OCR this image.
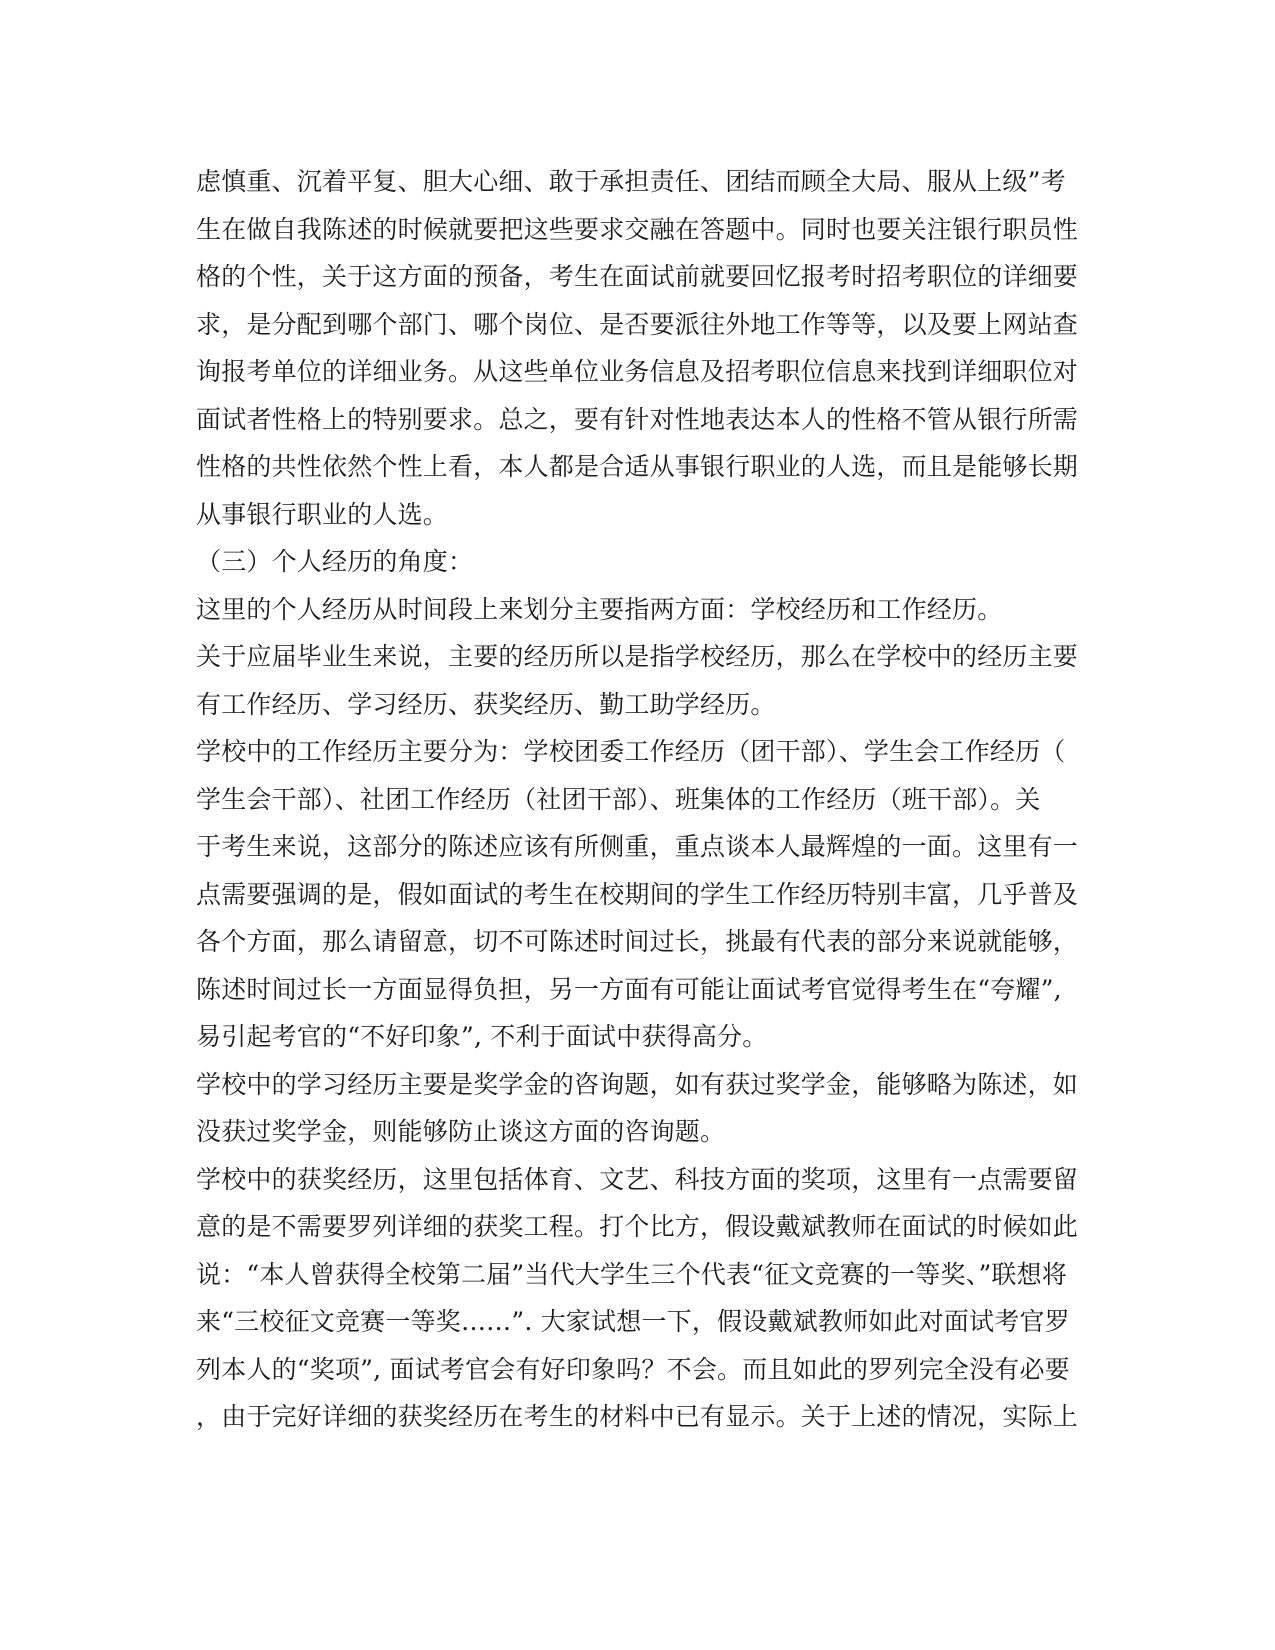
虑慎重、沉着平复、胆大心细、敢于承担责任、团结而顾全大局、服从上级”考
生在做自我陈述的时候就要把这些要求交融在答题中。同时也要关注银行职员性
格的个性，关于这方面的预备，考生在面试前就要回忆报考时招考职位的详细要
求，是分配到哪个部门、哪个岗位、是否要派往外地工作等等，以及要上网站查
询报考单位的详细业务。从这些单位业务信息及招考职位信息来找到详细职位对
面试者性格上的特别要求。总之，要有针对性地表达本人的性格不管从银行所需
性格的共性依然个性上看，本人都是合适从事银行职业的人选，而且是能够长期
从事银行职业的人选。
（三）个人经历的角度：
这里的个人经历从时间段上来划分主要指两方面：学校经历和工作经历。
关于应届毕业生来说，主要的经历所以是指学校经历，那么在学校中的经历主要
有工作经历、学习经历、获奖经历、勤工助学经历。
学校中的工作经历主要分为：学校团委工作经历（团干部）、学生会工作经历（
学生会干部）、社团工作经历（社团干部）、班集体的工作经历（班干部）。关
于考生来说，这部分的陈述应该有所侧重，重点谈本人最辉煌的一面。这里有一
点需要强调的是，假如面试的考生在校期间的学生工作经历特别丰富，几乎普及
各个方面，那么请留意，切不可陈述时间过长，挑最有代表的部分来说就能够，
陈述时间过长一方面显得负担，另一方面有可能让面试考官觉得考生在“夸耀”,
易引起考官的“不好印象”, 不利于面试中获得高分。
学校中的学习经历主要是奖学金的咨询题，如有获过奖学金，能够略为陈述，如
没获过奖学金，则能够防止谈这方面的咨询题。
学校中的获奖经历，这里包括体育、文艺、科技方面的奖项，这里有一点需要留
意的是不需要罗列详细的获奖工程。打个比方，假设戴斌教师在面试的时候如此
说：“本人曾获得全校第二届”当代大学生三个代表“征文竞赛的一等奖、”联想将
来“三校征文竞赛一等奖……”. 大家试想一下，假设戴斌教师如此对面试考官罗
列本人的“奖项”, 面试考官会有好印象吗？不会。而且如此的罗列完全没有必要
，由于完好详细的获奖经历在考生的材料中已有显示。关于上述的情况，实际上
